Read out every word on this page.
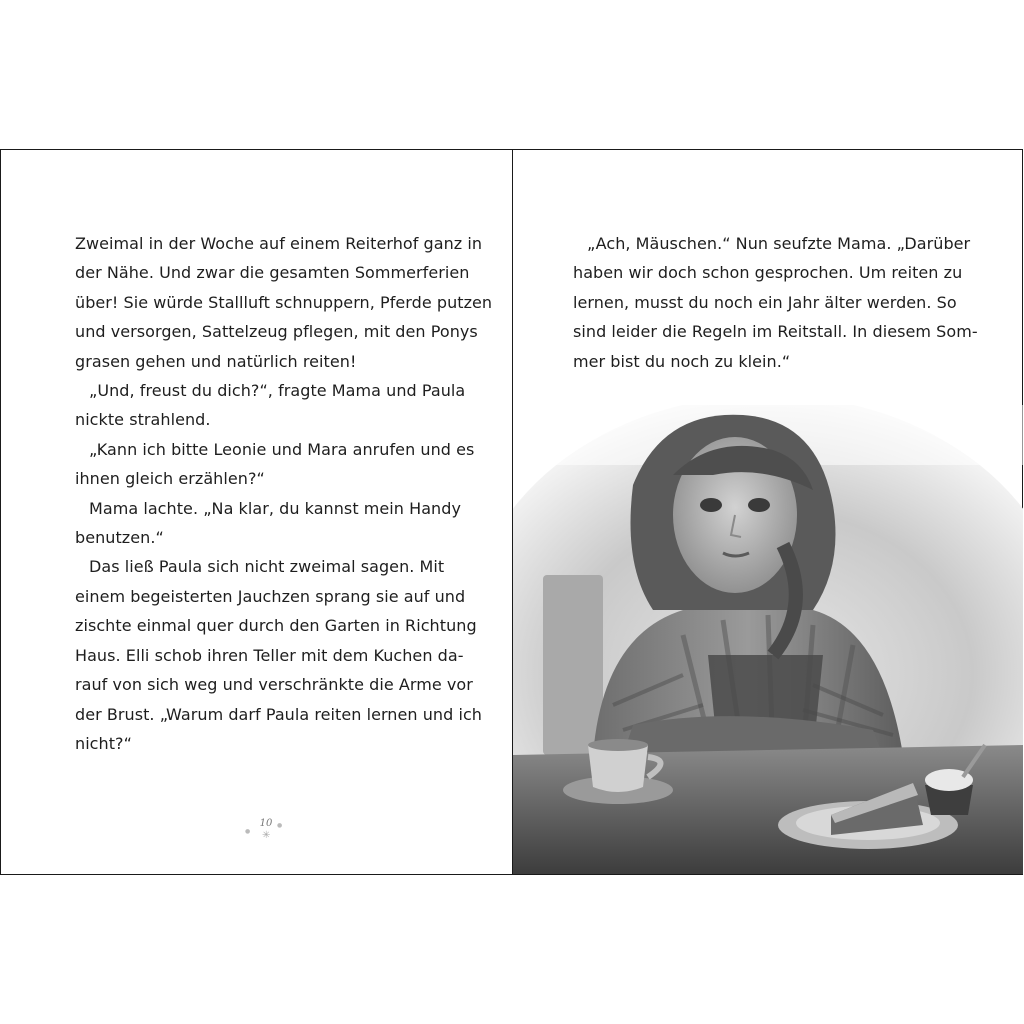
Zweimal in der Woche auf einem Reiterhof ganz in
der Nähe. Und zwar die gesamten Sommerferien
über! Sie würde Stallluft schnuppern, Pferde putzen
und versorgen, Sattelzeug pflegen, mit den Ponys
grasen gehen und natürlich reiten!
„Und, freust du dich?“, fragte Mama und Paula
nickte strahlend.
„Kann ich bitte Leonie und Mara anrufen und es
ihnen gleich erzählen?“
Mama lachte. „Na klar, du kannst mein Handy
benutzen.“
Das ließ Paula sich nicht zweimal sagen. Mit
einem begeisterten Jauchzen sprang sie auf und
zischte einmal quer durch den Garten in Richtung
Haus. Elli schob ihren Teller mit dem Kuchen da-
rauf von sich weg und verschränkte die Arme vor
der Brust. „Warum darf Paula reiten lernen und ich
nicht?“
10
✳
●
●
„Ach, Mäuschen.“ Nun seufzte Mama. „Darüber
haben wir doch schon gesprochen. Um reiten zu
lernen, musst du noch ein Jahr älter werden. So
sind leider die Regeln im Reitstall. In diesem Som-
mer bist du noch zu klein.“
